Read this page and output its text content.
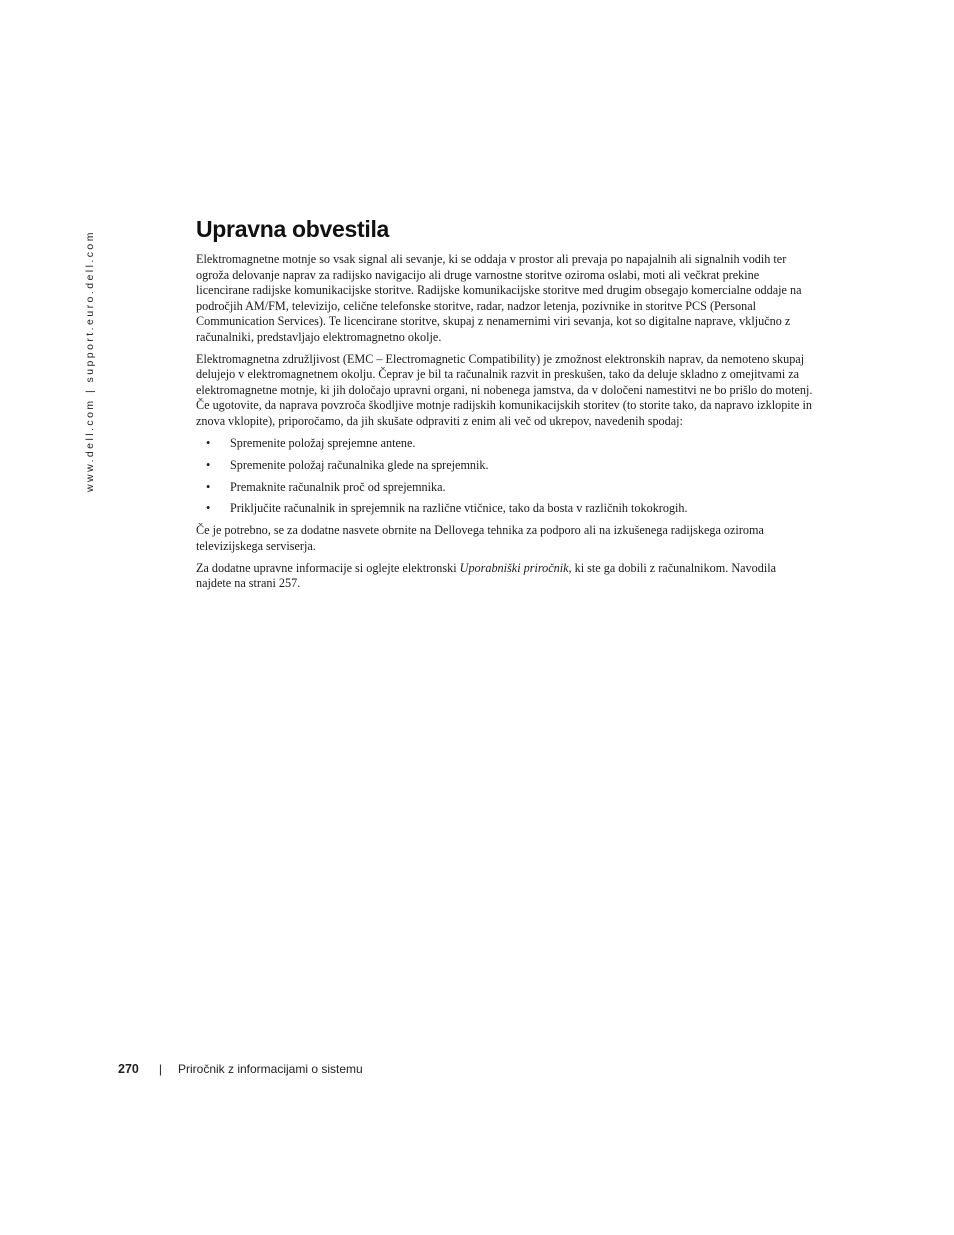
www.dell.com | support.euro.dell.com
Upravna obvestila

Elektromagnetne motnje so vsak signal ali sevanje, ki se oddaja v prostor ali prevaja po napajalnih ali signalnih vodih ter ogroža delovanje naprav za radijsko navigacijo ali druge varnostne storitve oziroma oslabi, moti ali večkrat prekine licencirane radijske komunikacijske storitve. Radijske komunikacijske storitve med drugim obsegajo komercialne oddaje na področjih AM/FM, televizijo, celične telefonske storitve, radar, nadzor letenja, pozivnike in storitve PCS (Personal Communication Services). Te licencirane storitve, skupaj z nenamernimi viri sevanja, kot so digitalne naprave, vključno z računalniki, predstavljajo elektromagnetno okolje.

Elektromagnetna združljivost (EMC – Electromagnetic Compatibility) je zmožnost elektronskih naprav, da nemoteno skupaj delujejo v elektromagnetnem okolju. Čeprav je bil ta računalnik razvit in preskušen, tako da deluje skladno z omejitvami za elektromagnetne motnje, ki jih določajo upravni organi, ni nobenega jamstva, da v določeni namestitvi ne bo prišlo do motenj. Če ugotovite, da naprava povzroča škodljive motnje radijskih komunikacijskih storitev (to storite tako, da napravo izklopite in znova vklopite), priporočamo, da jih skušate odpraviti z enim ali več od ukrepov, navedenih spodaj:

• Spremenite položaj sprejemne antene.
• Spremenite položaj računalnika glede na sprejemnik.
• Premaknite računalnik proč od sprejemnika.
• Priključite računalnik in sprejemnik na različne vtičnice, tako da bosta v različnih tokokrogih.

Če je potrebno, se za dodatne nasvete obrnite na Dellovega tehnika za podporo ali na izkušenega radijskega oziroma televizijskega serviserja.

Za dodatne upravne informacije si oglejte elektronski Uporabniški priročnik, ki ste ga dobili z računalnikom. Navodila najdete na strani 257.

270 | Priročnik z informacijami o sistemu
